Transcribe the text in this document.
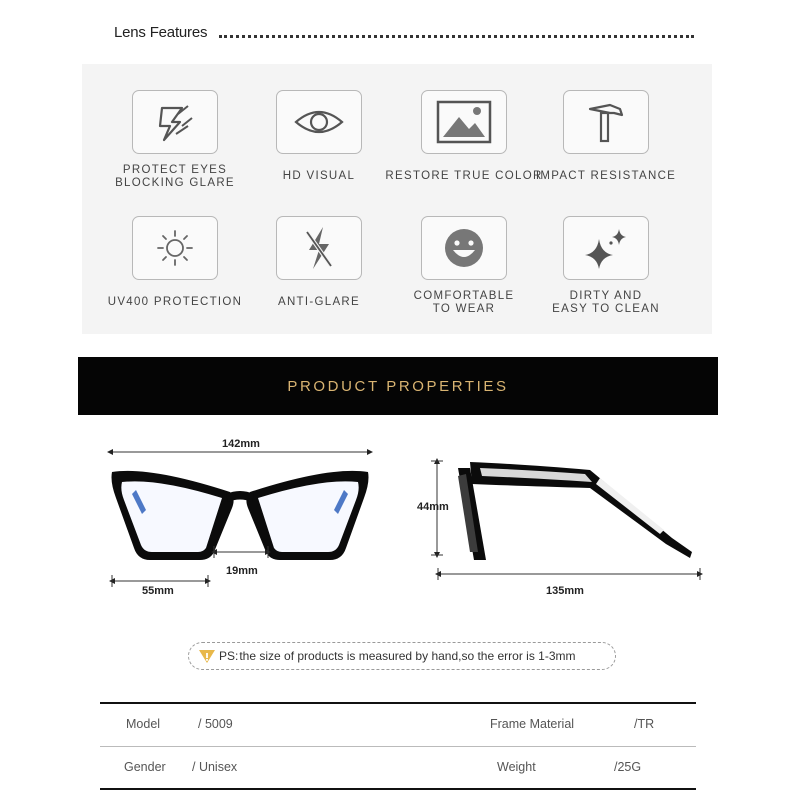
Lens Features
PROTECT EYES
BLOCKING GLARE
HD VISUAL	RESTORE TRUE COLOR
IMPACT RESISTANCE
UV400 PROTECTION	ANTI-GLARE	COMFORTABLE
TO WEAR
DIRTY AND
EASY TO CLEAN
PRODUCT PROPERTIES
142mm
19mm
55mm
44mm
135mm
PS: the size of products is measured by hand,so the error is 1-3mm
Model	/ 5009	Frame Material	/TR
Gender / Unisex	Weight	/25G
